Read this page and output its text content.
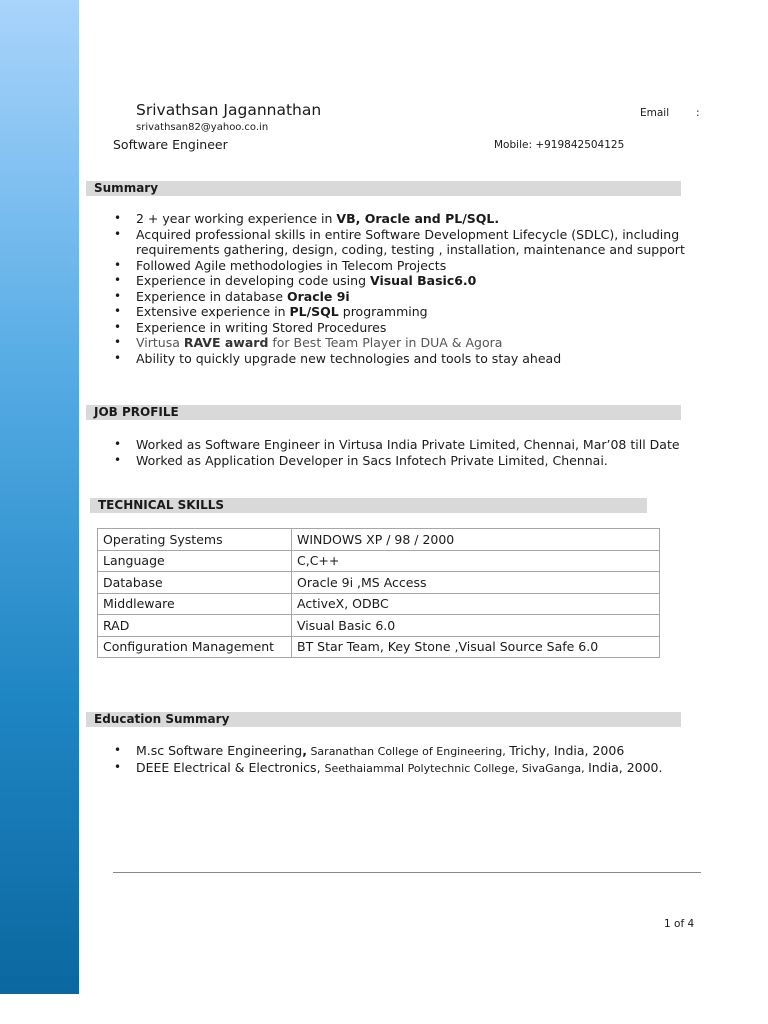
Srivathsan Jagannathan
srivathsan82@yahoo.co.in
Software Engineer
Email	:
Mobile: +919842504125
Summary
• 2 + year working experience in VB, Oracle and PL/SQL.
• Acquired professional skills in entire Software Development Lifecycle (SDLC), including requirements gathering, design, coding, testing , installation, maintenance and support
• Followed Agile methodologies in Telecom Projects
• Experience in developing code using Visual Basic6.0
• Experience in database Oracle 9i
• Extensive experience in PL/SQL programming
• Experience in writing Stored Procedures
• Virtusa RAVE award for Best Team Player in DUA & Agora
• Ability to quickly upgrade new technologies and tools to stay ahead
JOB PROFILE
• Worked as Software Engineer in Virtusa India Private Limited, Chennai, Mar’08 till Date
• Worked as Application Developer in Sacs Infotech Private Limited, Chennai.
TECHNICAL SKILLS
Operating Systems	WINDOWS XP / 98 / 2000
Language	C,C++
Database	Oracle 9i ,MS Access
Middleware	ActiveX, ODBC
RAD	Visual Basic 6.0
Configuration Management	BT Star Team, Key Stone ,Visual Source Safe 6.0
Education Summary
• M.sc Software Engineering, Saranathan College of Engineering, Trichy, India, 2006
• DEEE Electrical & Electronics, Seethaiammal Polytechnic College, SivaGanga, India, 2000.
1 of 4
